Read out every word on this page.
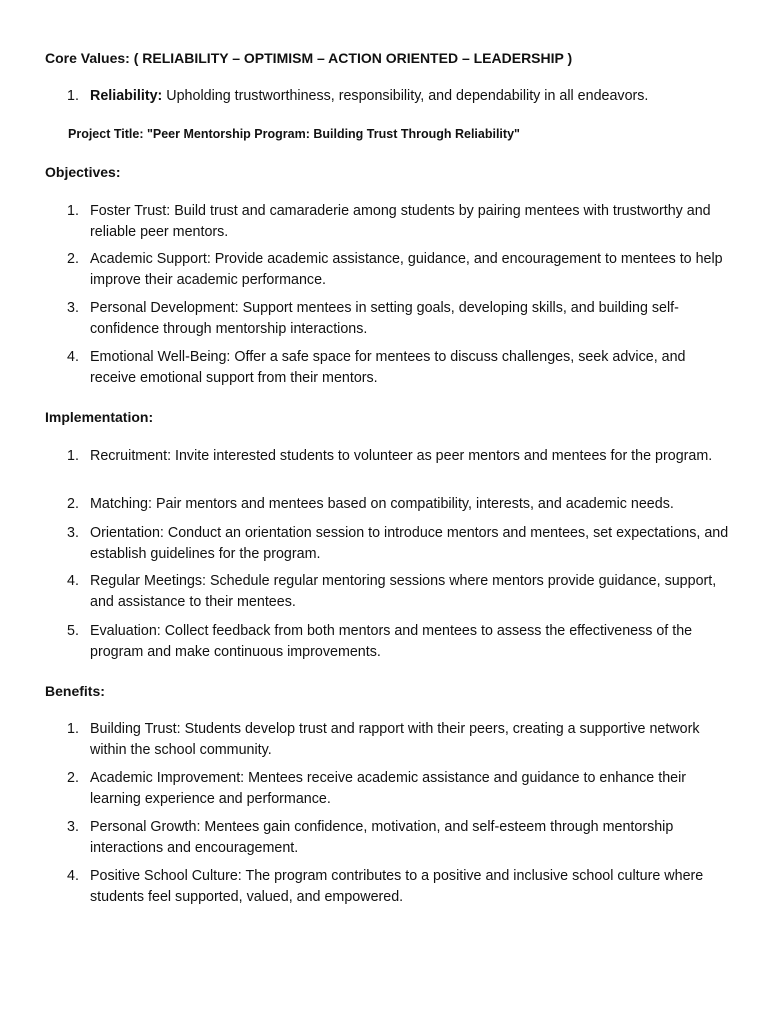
Core Values: ( RELIABILITY – OPTIMISM – ACTION ORIENTED – LEADERSHIP )
1. Reliability: Upholding trustworthiness, responsibility, and dependability in all endeavors.
Project Title: "Peer Mentorship Program: Building Trust Through Reliability"
Objectives:
1. Foster Trust: Build trust and camaraderie among students by pairing mentees with trustworthy and reliable peer mentors.
2. Academic Support: Provide academic assistance, guidance, and encouragement to mentees to help improve their academic performance.
3. Personal Development: Support mentees in setting goals, developing skills, and building self-confidence through mentorship interactions.
4. Emotional Well-Being: Offer a safe space for mentees to discuss challenges, seek advice, and receive emotional support from their mentors.
Implementation:
1. Recruitment: Invite interested students to volunteer as peer mentors and mentees for the program.
2. Matching: Pair mentors and mentees based on compatibility, interests, and academic needs.
3. Orientation: Conduct an orientation session to introduce mentors and mentees, set expectations, and establish guidelines for the program.
4. Regular Meetings: Schedule regular mentoring sessions where mentors provide guidance, support, and assistance to their mentees.
5. Evaluation: Collect feedback from both mentors and mentees to assess the effectiveness of the program and make continuous improvements.
Benefits:
1. Building Trust: Students develop trust and rapport with their peers, creating a supportive network within the school community.
2. Academic Improvement: Mentees receive academic assistance and guidance to enhance their learning experience and performance.
3. Personal Growth: Mentees gain confidence, motivation, and self-esteem through mentorship interactions and encouragement.
4. Positive School Culture: The program contributes to a positive and inclusive school culture where students feel supported, valued, and empowered.
